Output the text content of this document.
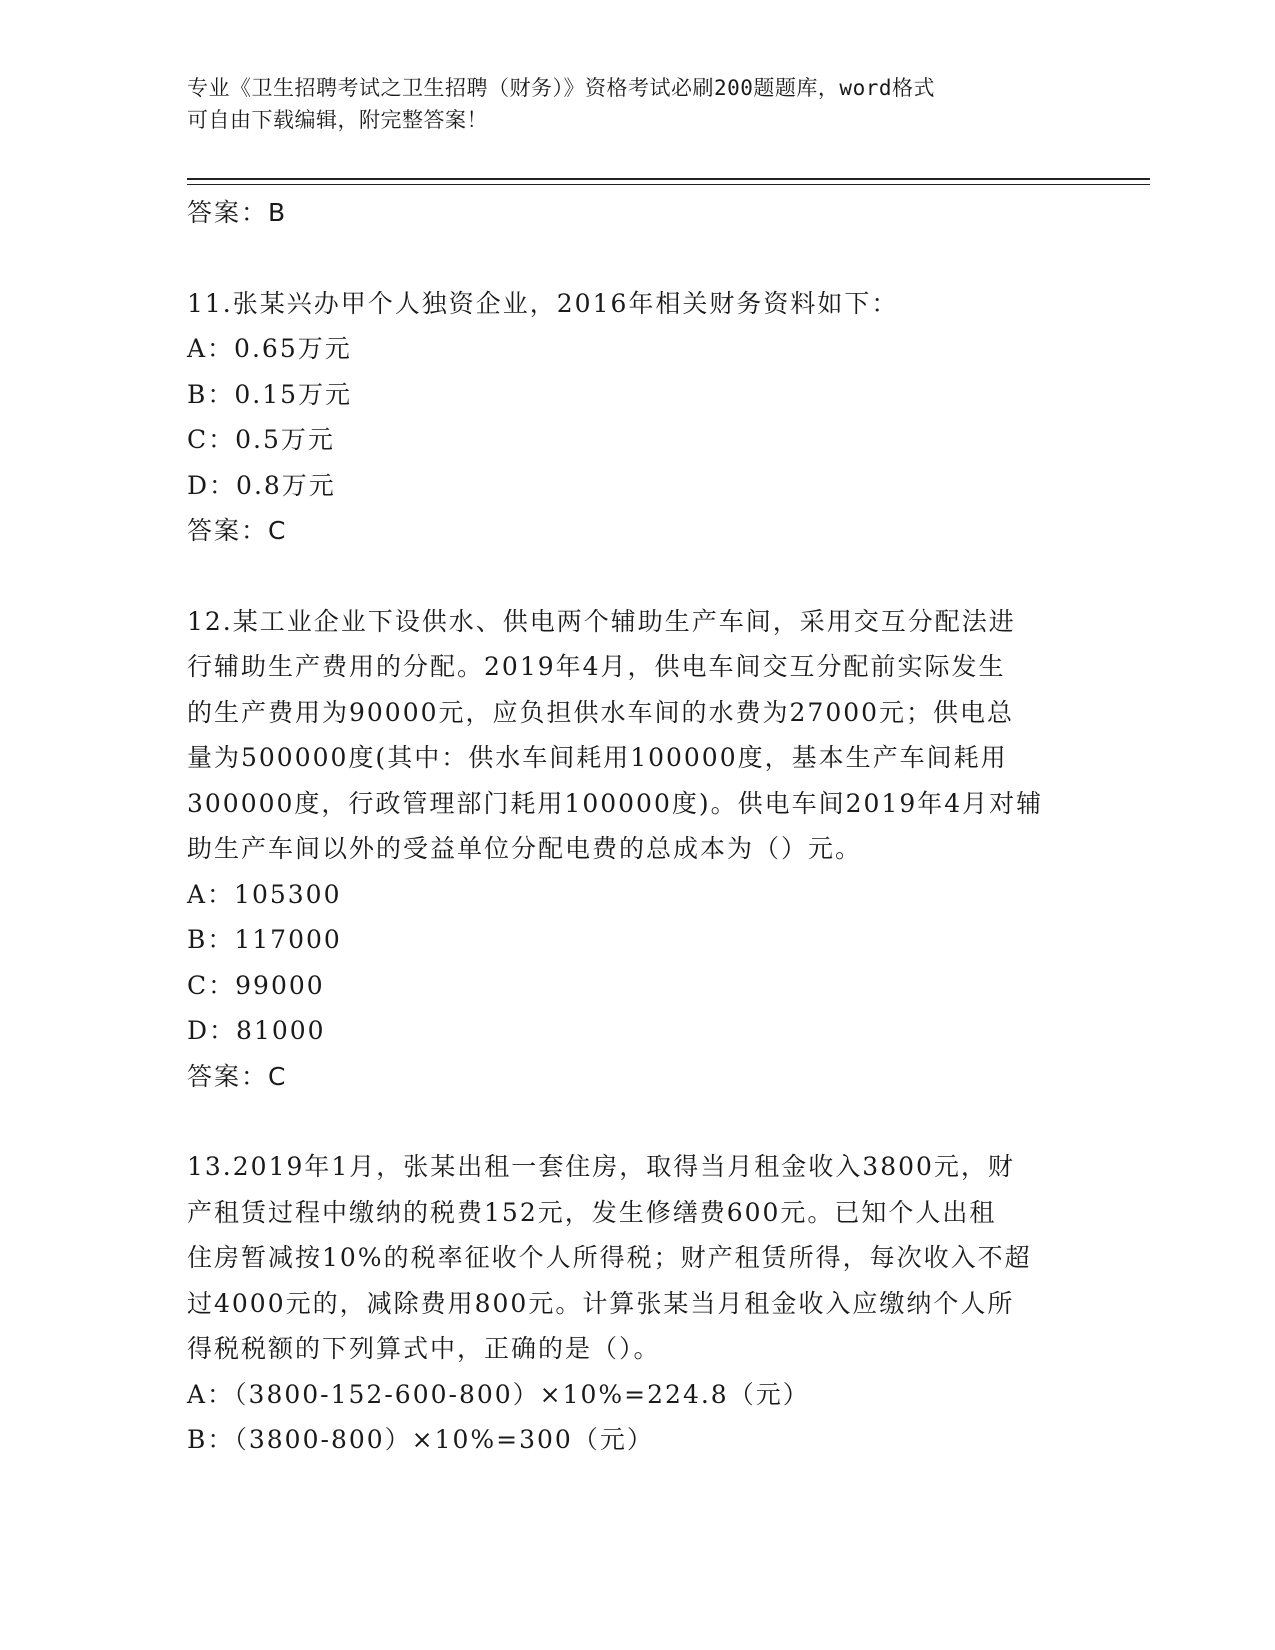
专业《卫生招聘考试之卫生招聘（财务）》资格考试必刷200题题库，word格式

可自由下载编辑，附完整答案！

答案：B

11.张某兴办甲个人独资企业，2016年相关财务资料如下：

A：0.65万元

B：0.15万元

C：0.5万元

D：0.8万元

答案：C

12.某工业企业下设供水、供电两个辅助生产车间，采用交互分配法进

行辅助生产费用的分配。2019年4月，供电车间交互分配前实际发生

的生产费用为90000元，应负担供水车间的水费为27000元；供电总

量为500000度(其中：供水车间耗用100000度，基本生产车间耗用

300000度，行政管理部门耗用100000度)。供电车间2019年4月对辅

助生产车间以外的受益单位分配电费的总成本为（）元。

A：105300

B：117000

C：99000

D：81000

答案：C

13.2019年1月，张某出租一套住房，取得当月租金收入3800元，财

产租赁过程中缴纳的税费152元，发生修缮费600元。已知个人出租

住房暂减按10%的税率征收个人所得税；财产租赁所得，每次收入不超

过4000元的，减除费用800元。计算张某当月租金收入应缴纳个人所

得税税额的下列算式中，正确的是（）。

A：（3800-152-600-800）×10%=224.8（元）

B：（3800-800）×10%=300（元）
